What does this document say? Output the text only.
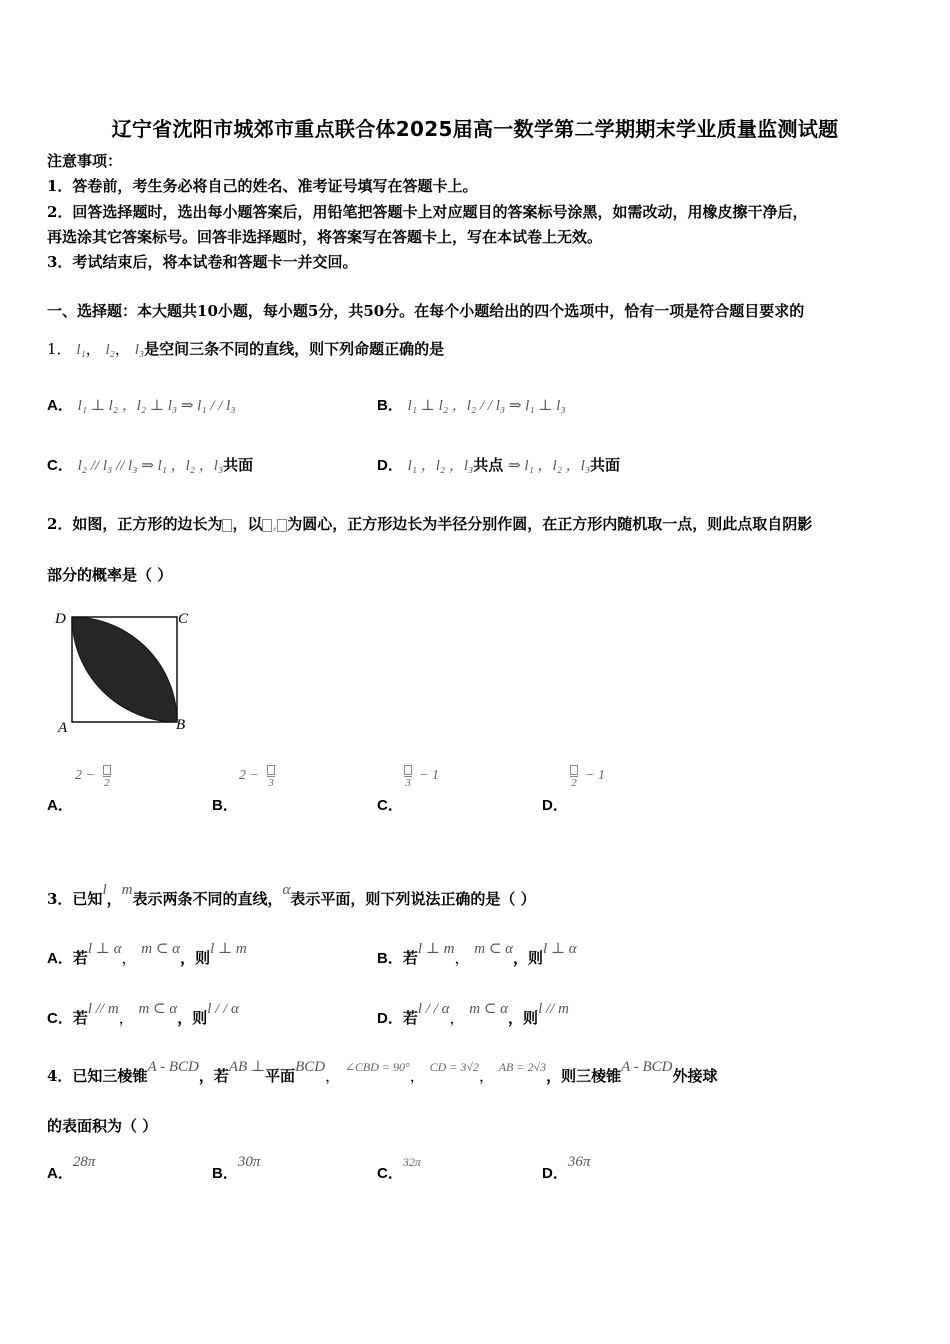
辽宁省沈阳市城郊市重点联合体2025届高一数学第二学期期末学业质量监测试题
注意事项：
1．答卷前，考生务必将自己的姓名、准考证号填写在答题卡上。
2．回答选择题时，选出每小题答案后，用铅笔把答题卡上对应题目的答案标号涂黑，如需改动，用橡皮擦干净后，
再选涂其它答案标号。回答非选择题时，将答案写在答题卡上，写在本试卷上无效。
3．考试结束后，将本试卷和答题卡一并交回。
一、选择题：本大题共10小题，每小题5分，共50分。在每个小题给出的四个选项中，恰有一项是符合题目要求的
1． l₁， l₂， l₃是空间三条不同的直线，则下列命题正确的是
A． l₁ ⊥ l₂ ，l₂ ⊥ l₃ ⇒ l₁ / / l₃	B． l₁ ⊥ l₂ ，l₂ / / l₃ ⇒ l₁ ⊥ l₃
C． l₂ // l₃ // l₃ ⇒ l₁ ，l₂ ，l₃共面	D． l₁ ，l₂ ，l₃共点 ⇒ l₁ ，l₂ ，l₃共面
2．如图，正方形的边长为 ，以 , 为圆心，正方形边长为半径分别作圆，在正方形内随机取一点，则此点取自阴影
部分的概率是（ ）
D	C
A	B
A．
2 − 2
B．
2 − 3
C．
3 − 1
D．
2 − 1
3．已知l，m表示两条不同的直线，α表示平面，则下列说法正确的是（ ）
A．若l ⊥ α， m ⊂ α，则l ⊥ m
B．若l ⊥ m， m ⊂ α，则l ⊥ α
C．若l // m， m ⊂ α，则l / / α
D．若l / / α， m ⊂ α，则l // m
4．已知三棱锥A - BCD，若AB ⊥平面BCD， $^{\angle CBD = 90^\circ}$， $^{CD = 3√2}$， $^{AB = 2√3}$，则三棱锥A - BCD外接球
的表面积为（ ）
A．28π
B．30π
C．$^{32\pi}$
D．36π
